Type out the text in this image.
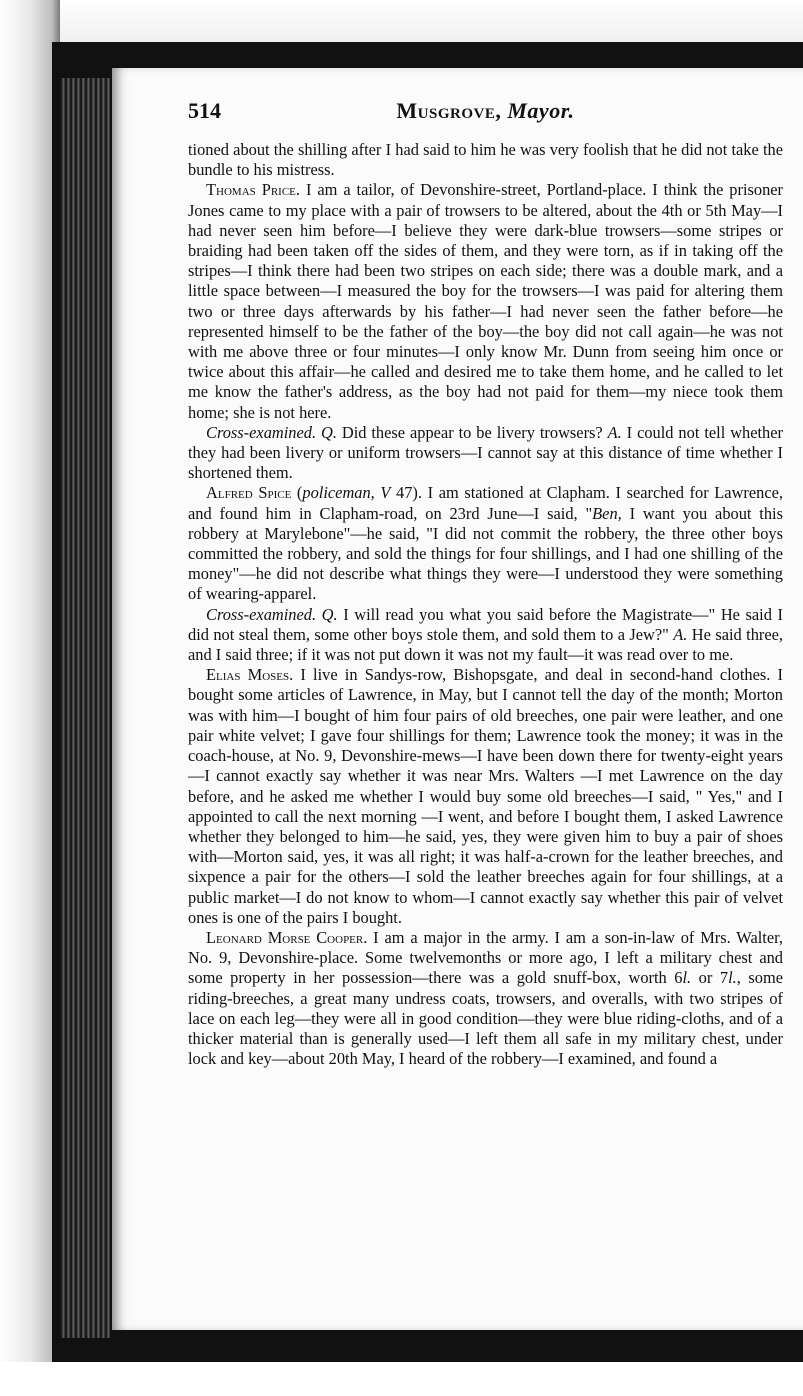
514	Musgrove, Mayor.

tioned about the shilling after I had said to him he was very foolish that he did not take the bundle to his mistress.

Thomas Price. I am a tailor, of Devonshire-street, Portland-place. I think the prisoner Jones came to my place with a pair of trowsers to be altered, about the 4th or 5th May—I had never seen him before—I believe they were dark-blue trowsers—some stripes or braiding had been taken off the sides of them, and they were torn, as if in taking off the stripes—I think there had been two stripes on each side; there was a double mark, and a little space between—I measured the boy for the trowsers—I was paid for altering them two or three days afterwards by his father—I had never seen the father before—he represented himself to be the father of the boy—the boy did not call again—he was not with me above three or four minutes—I only know Mr. Dunn from seeing him once or twice about this affair—he called and desired me to take them home, and he called to let me know the father's address, as the boy had not paid for them—my niece took them home; she is not here.

Cross-examined. Q. Did these appear to be livery trowsers? A. I could not tell whether they had been livery or uniform trowsers—I cannot say at this distance of time whether I shortened them.

Alfred Spice (policeman, V 47). I am stationed at Clapham. I searched for Lawrence, and found him in Clapham-road, on 23rd June—I said, "Ben, I want you about this robbery at Marylebone"—he said, "I did not commit the robbery, the three other boys committed the robbery, and sold the things for four shillings, and I had one shilling of the money"—he did not describe what things they were—I understood they were something of wearing-apparel.

Cross-examined. Q. I will read you what you said before the Magistrate—" He said I did not steal them, some other boys stole them, and sold them to a Jew?" A. He said three, and I said three; if it was not put down it was not my fault—it was read over to me.

Elias Moses. I live in Sandys-row, Bishopsgate, and deal in second-hand clothes. I bought some articles of Lawrence, in May, but I cannot tell the day of the month; Morton was with him—I bought of him four pairs of old breeches, one pair were leather, and one pair white velvet; I gave four shillings for them; Lawrence took the money; it was in the coach-house, at No. 9, Devonshire-mews—I have been down there for twenty-eight years—I cannot exactly say whether it was near Mrs. Walters —I met Lawrence on the day before, and he asked me whether I would buy some old breeches—I said, " Yes," and I appointed to call the next morning —I went, and before I bought them, I asked Lawrence whether they belonged to him—he said, yes, they were given him to buy a pair of shoes with—Morton said, yes, it was all right; it was half-a-crown for the leather breeches, and sixpence a pair for the others—I sold the leather breeches again for four shillings, at a public market—I do not know to whom—I cannot exactly say whether this pair of velvet ones is one of the pairs I bought.

Leonard Morse Cooper. I am a major in the army. I am a son-in-law of Mrs. Walter, No. 9, Devonshire-place. Some twelvemonths or more ago, I left a military chest and some property in her possession—there was a gold snuff-box, worth 6l. or 7l., some riding-breeches, a great many undress coats, trowsers, and overalls, with two stripes of lace on each leg—they were all in good condition—they were blue riding-cloths, and of a thicker material than is generally used—I left them all safe in my military chest, under lock and key—about 20th May, I heard of the robbery—I examined, and found a
